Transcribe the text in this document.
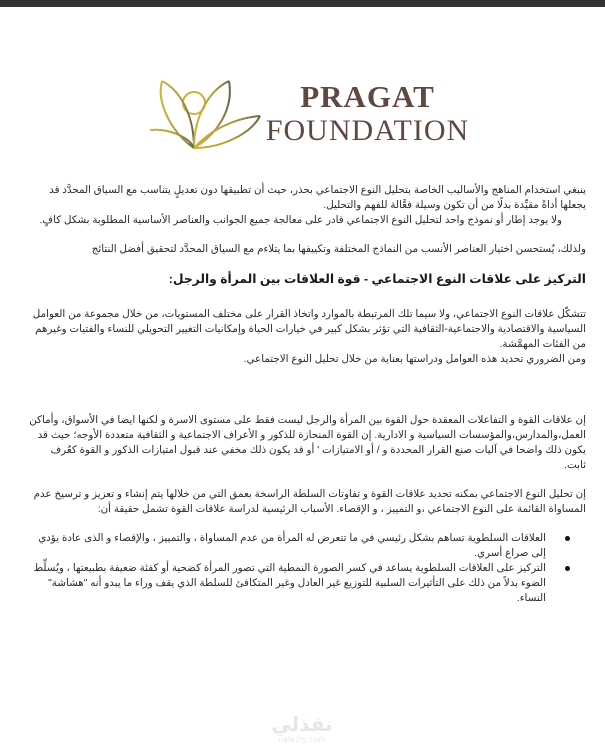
PRAGAT
FOUNDATION

ينبغي استخدام المناهج والأساليب الخاصة بتحليل النوع الاجتماعي بحذر، حيث أن تطبيقها دون تعديلٍ يتناسب مع السياق المحدَّد قد يجعلها أداةً مقيِّدة بدلًا من أن تكون وسيلة فعَّالة للفهم والتحليل.

ولا يوجد إطار أو نموذج واحد لتحليل النوع الاجتماعي قادر على معالجة جميع الجوانب والعناصر الأساسية المطلوبة بشكل كافٍ.

ولذلك، يُستحسن اختيار العناصر الأنسب من النماذج المختلفة وتكييفها بما يتلاءم مع السياق المحدَّد لتحقيق أفضل النتائج

التركيز على علاقات النوع الاجتماعي - قوة العلاقات بين المرأة والرجل:

تتشكّل علاقات النوع الاجتماعي، ولا سيما تلك المرتبطة بالموارد واتخاذ القرار على مختلف المستويات، من خلال مجموعة من العوامل السياسية والاقتصادية والاجتماعية-الثقافية التي تؤثر بشكل كبير في خيارات الحياة وإمكانيات التغيير التحويلي للنساء والفتيات وغيرهم من الفئات المهمَّشة.

ومن الضروري تحديد هذه العوامل ودراستها بعناية من خلال تحليل النوع الاجتماعي.

إن علاقات القوة و التفاعلات المعقدة حول القوة بين المرأة والرجل ليست فقط على مستوى الاسرة و لكنها ايضا في الأسواق، وأماكن العمل،والمدارس،والمؤسسات السياسية و الادارية. إن القوة المنحازة للذكور و الأعراف الاجتماعية و الثقافية متعددة الأوجه؛ حيث قد يكون ذلك واضحا في آليات صنع القرار المحددة و / أو الامتيازات ' أو قد يكون ذلك مخفي عند قبول امتيازات الذكور و القوة كعُرف ثابت.

إن تحليل النوع الاجتماعي بمكنه تحديد علاقات القوة و تفاوتات السلطة الراسخة بعمق التي من خلالها يتم إنشاء و تعزيز و ترسيخ عدم المساواة القائمة على النوع الاجتماعي ،و التمييز ، و الإقصاء. الأسباب الرئيسية لدراسة علاقات القوة تشمل حقيقة أن:

العلاقات السلطوية تساهم بشكل رئيسي في ما تتعرض له المرأة من عدم المساواة ، والتمييز ، والإقصاء و الذى عادة يؤدي إلى صراع أسري.
التركيز على العلاقات السلطوية يساعد في كسر الصورة النمطية التي تصور المرأة كضحية أو كفئة ضعيفة بطبيعتها ، ويُسلِّط الضوء بدلاً من ذلك على التأثيرات السلبية للتوزيع غير العادل وغير المتكافئ للسلطة الذي يقف وراء ما يبدو أنه "هشاشة" النساء.
نفذلي
nafezly.com
